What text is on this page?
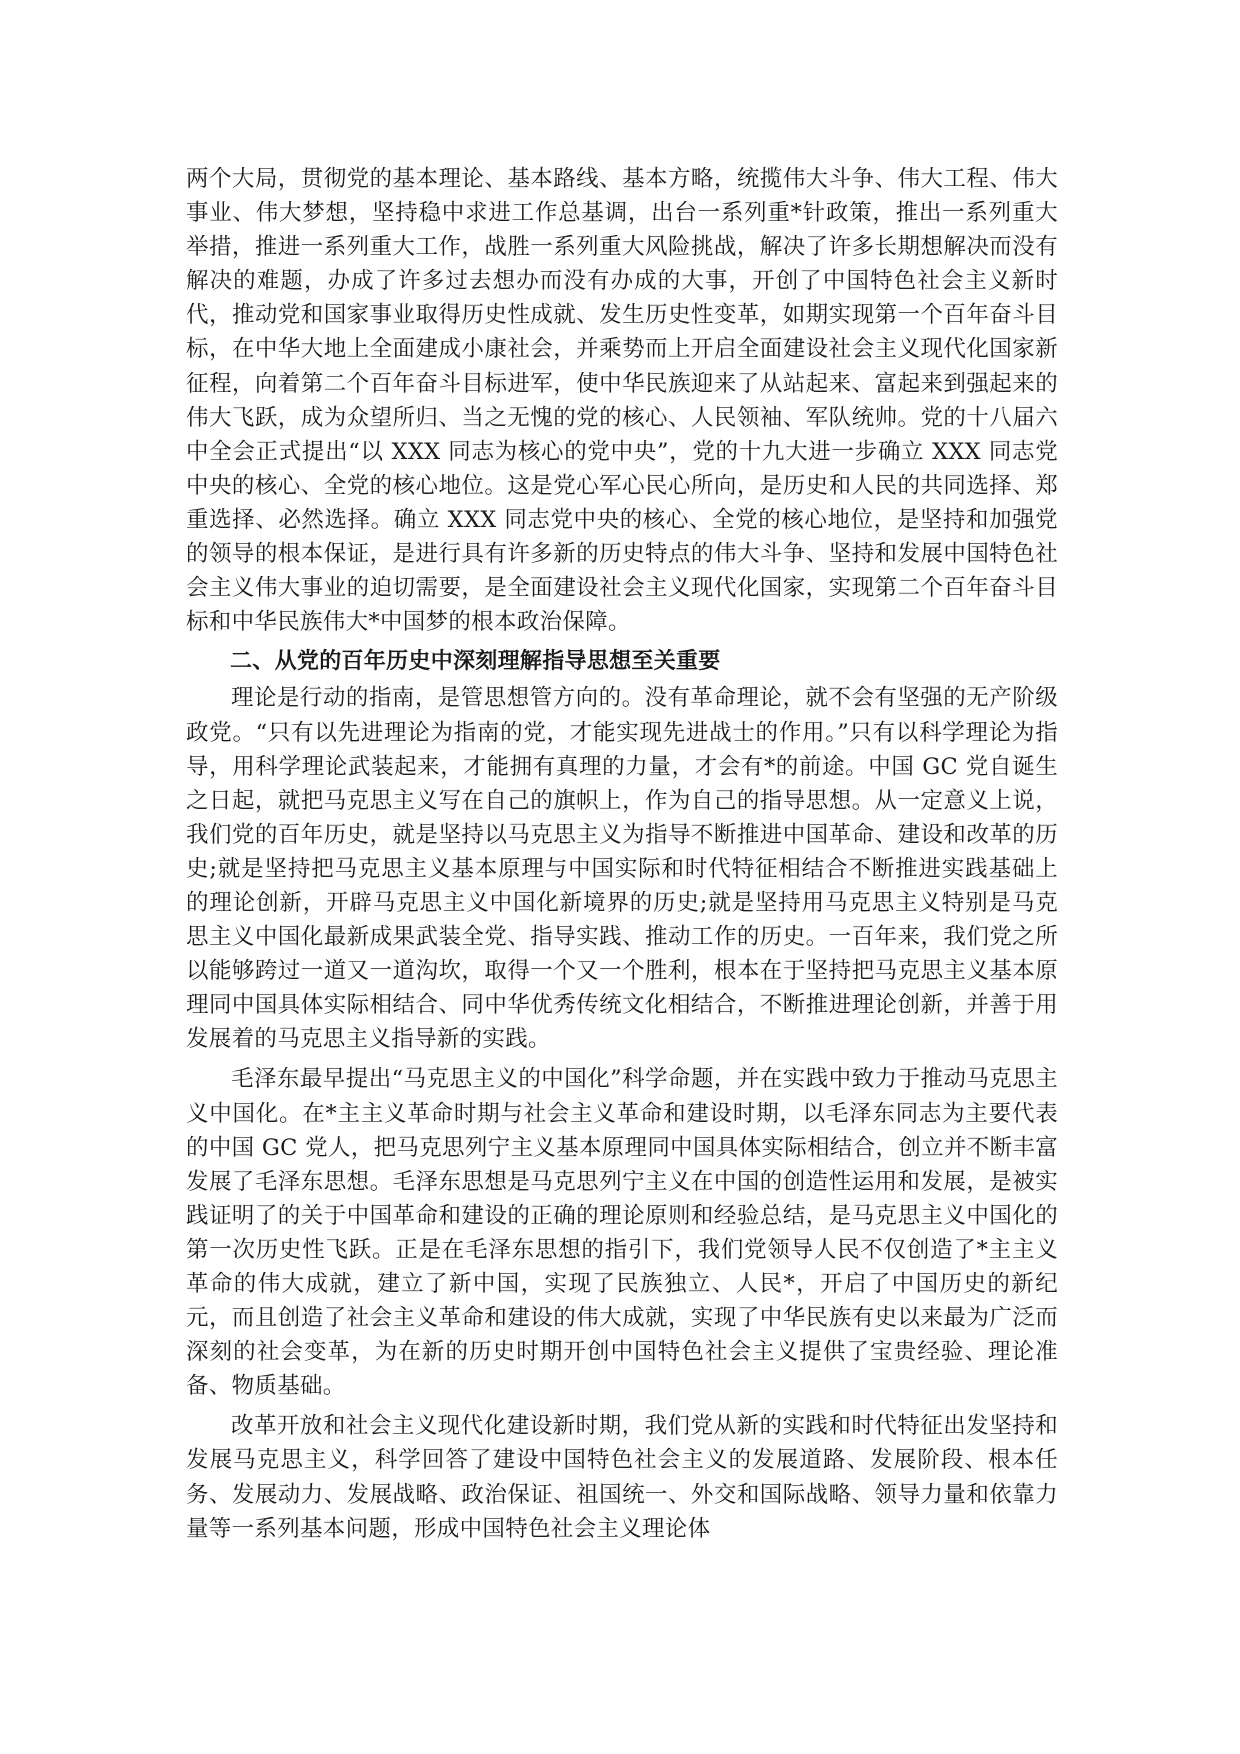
两个大局，贯彻党的基本理论、基本路线、基本方略，统揽伟大斗争、伟大工程、伟大事业、伟大梦想，坚持稳中求进工作总基调，出台一系列重*针政策，推出一系列重大举措，推进一系列重大工作，战胜一系列重大风险挑战，解决了许多长期想解决而没有解决的难题，办成了许多过去想办而没有办成的大事，开创了中国特色社会主义新时代，推动党和国家事业取得历史性成就、发生历史性变革，如期实现第一个百年奋斗目标，在中华大地上全面建成小康社会，并乘势而上开启全面建设社会主义现代化国家新征程，向着第二个百年奋斗目标进军，使中华民族迎来了从站起来、富起来到强起来的伟大飞跃，成为众望所归、当之无愧的党的核心、人民领袖、军队统帅。党的十八届六中全会正式提出“以 XXX 同志为核心的党中央”，党的十九大进一步确立 XXX 同志党中央的核心、全党的核心地位。这是党心军心民心所向，是历史和人民的共同选择、郑重选择、必然选择。确立 XXX 同志党中央的核心、全党的核心地位，是坚持和加强党的领导的根本保证，是进行具有许多新的历史特点的伟大斗争、坚持和发展中国特色社会主义伟大事业的迫切需要，是全面建设社会主义现代化国家，实现第二个百年奋斗目标和中华民族伟大*中国梦的根本政治保障。

二、从党的百年历史中深刻理解指导思想至关重要

理论是行动的指南，是管思想管方向的。没有革命理论，就不会有坚强的无产阶级政党。“只有以先进理论为指南的党，才能实现先进战士的作用。”只有以科学理论为指导，用科学理论武装起来，才能拥有真理的力量，才会有*的前途。中国 GC 党自诞生之日起，就把马克思主义写在自己的旗帜上，作为自己的指导思想。从一定意义上说，我们党的百年历史，就是坚持以马克思主义为指导不断推进中国革命、建设和改革的历史;就是坚持把马克思主义基本原理与中国实际和时代特征相结合不断推进实践基础上的理论创新，开辟马克思主义中国化新境界的历史;就是坚持用马克思主义特别是马克思主义中国化最新成果武装全党、指导实践、推动工作的历史。一百年来，我们党之所以能够跨过一道又一道沟坎，取得一个又一个胜利，根本在于坚持把马克思主义基本原理同中国具体实际相结合、同中华优秀传统文化相结合，不断推进理论创新，并善于用发展着的马克思主义指导新的实践。

毛泽东最早提出“马克思主义的中国化”科学命题，并在实践中致力于推动马克思主义中国化。在*主主义革命时期与社会主义革命和建设时期，以毛泽东同志为主要代表的中国 GC 党人，把马克思列宁主义基本原理同中国具体实际相结合，创立并不断丰富发展了毛泽东思想。毛泽东思想是马克思列宁主义在中国的创造性运用和发展，是被实践证明了的关于中国革命和建设的正确的理论原则和经验总结，是马克思主义中国化的第一次历史性飞跃。正是在毛泽东思想的指引下，我们党领导人民不仅创造了*主主义革命的伟大成就，建立了新中国，实现了民族独立、人民*，开启了中国历史的新纪元，而且创造了社会主义革命和建设的伟大成就，实现了中华民族有史以来最为广泛而深刻的社会变革，为在新的历史时期开创中国特色社会主义提供了宝贵经验、理论准备、物质基础。

改革开放和社会主义现代化建设新时期，我们党从新的实践和时代特征出发坚持和发展马克思主义，科学回答了建设中国特色社会主义的发展道路、发展阶段、根本任务、发展动力、发展战略、政治保证、祖国统一、外交和国际战略、领导力量和依靠力量等一系列基本问题，形成中国特色社会主义理论体
